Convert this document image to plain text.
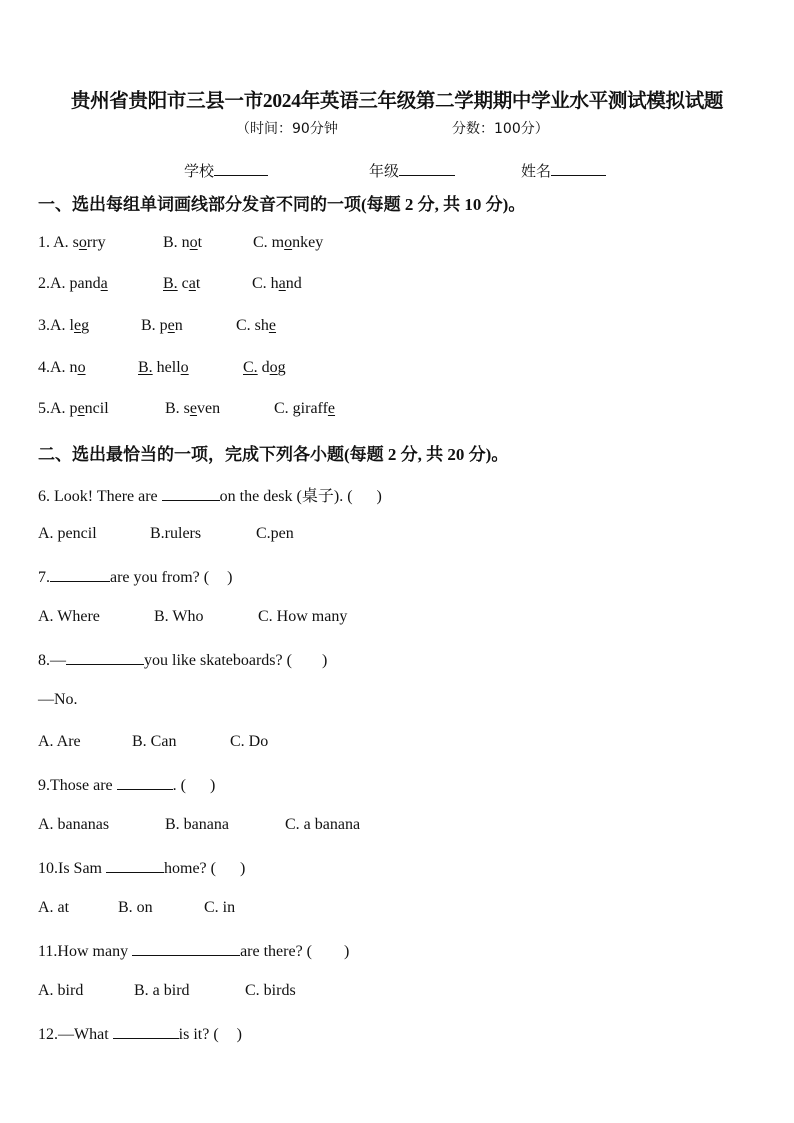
贵州省贵阳市三县一市2024年英语三年级第二学期期中学业水平测试模拟试题
（时间：90分钟	分数：100分）
学校	年级	姓名
一、选出每组单词画线部分发音不同的一项(每题 2 分, 共 10 分)。
1. A. sorry	B. not	C. monkey
2.A. panda	B. cat	C. hand
3.A. leg	B. pen	C. she
4.A. no	B. hello	C. dog
5.A. pencil	B. seven	C. giraffe
二、选出最恰当的一项，完成下列各小题(每题 2 分, 共 20 分)。
6. Look! There are	on the desk (桌子). ( )
A. pencil	B.rulers	C.pen
7.	are you from? ( )
A. Where	B. Who	C. How many
8.—	you like skateboards? ( )
—No.
A. Are	B. Can	C. Do
9.Those are	. ( )
A. bananas	B. banana	C. a banana
10.Is Sam	home? ( )
A. at	B. on	C. in
11.How many	are there? ( )
A. bird	B. a bird	C. birds
12.—What	is it? ( )
